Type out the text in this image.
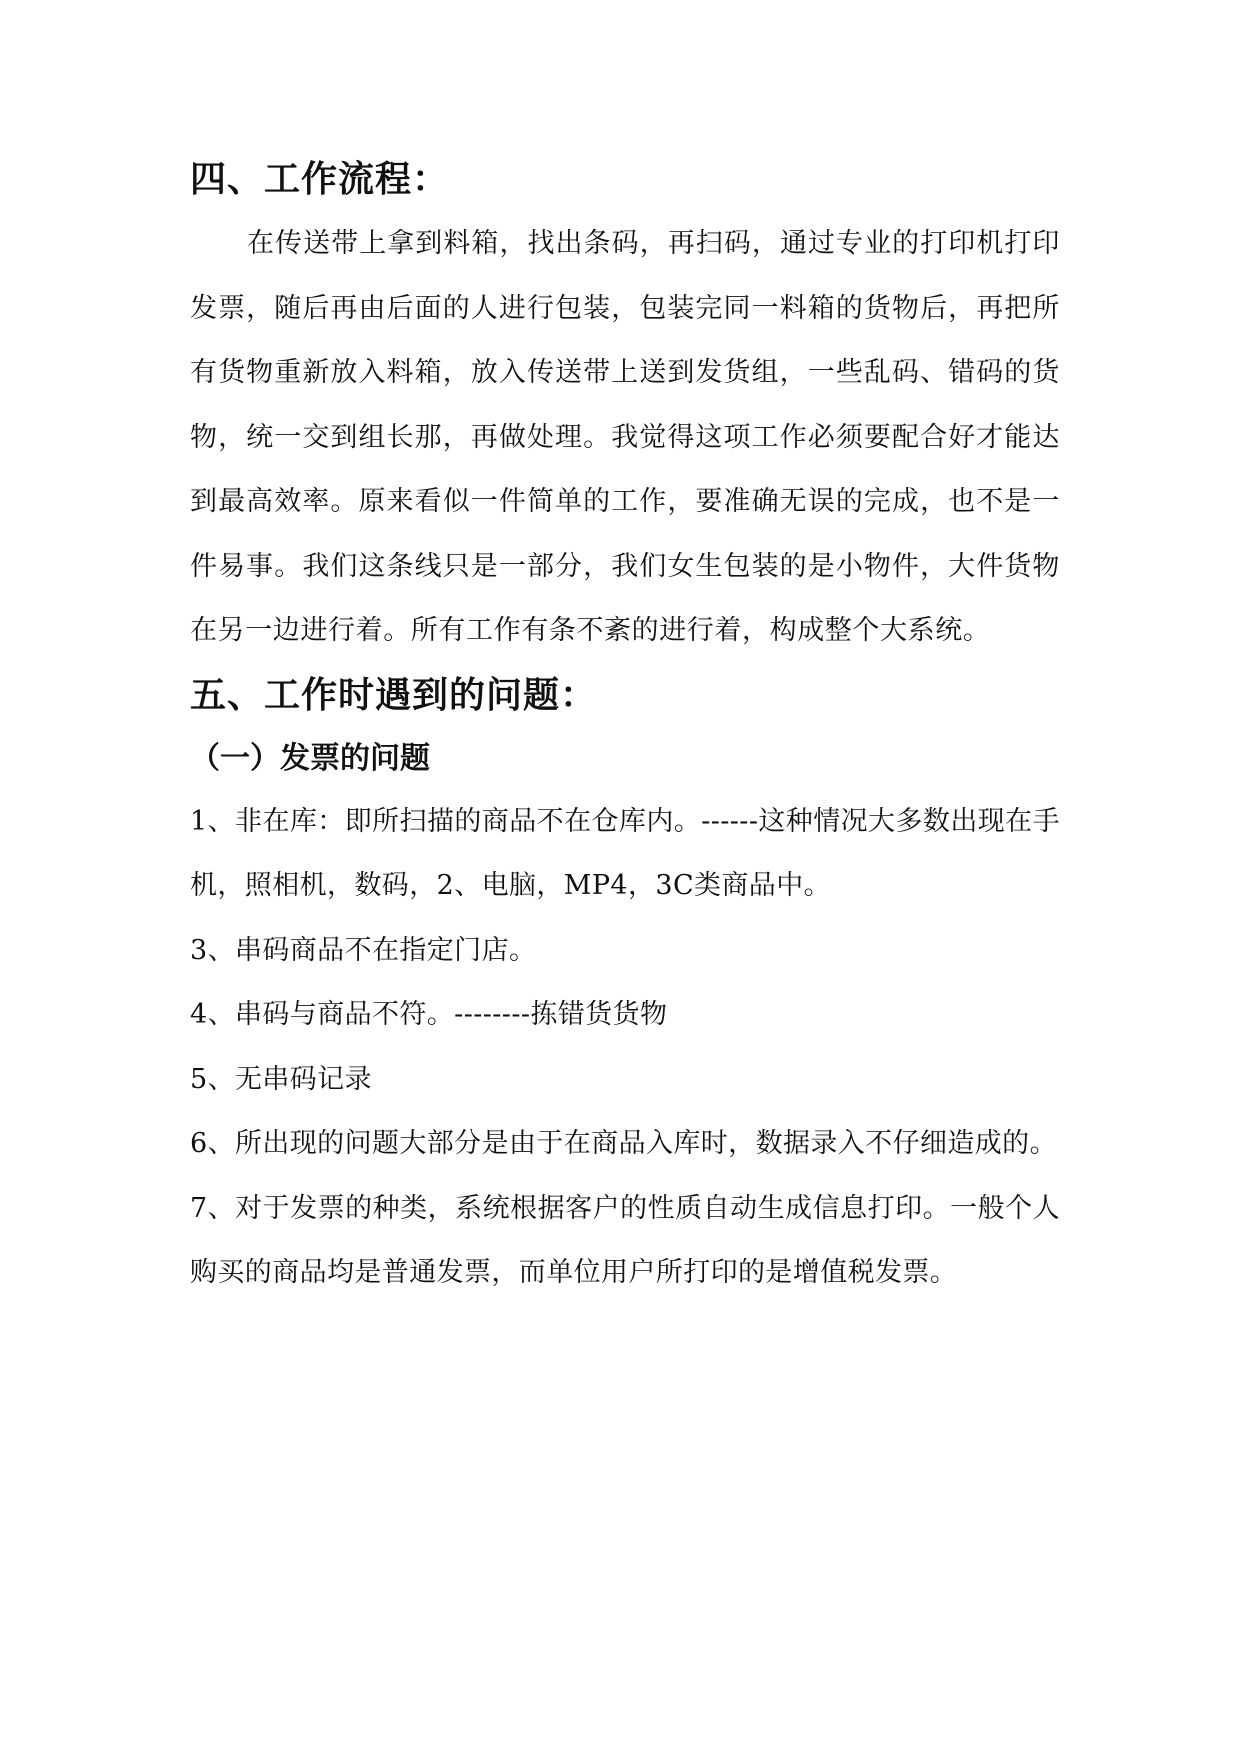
四、工作流程：

在传送带上拿到料箱，找出条码，再扫码，通过专业的打印机打印发票，随后再由后面的人进行包装，包装完同一料箱的货物后，再把所有货物重新放入料箱，放入传送带上送到发货组，一些乱码、错码的货物，统一交到组长那，再做处理。我觉得这项工作必须要配合好才能达到最高效率。原来看似一件简单的工作，要准确无误的完成，也不是一件易事。我们这条线只是一部分，我们女生包装的是小物件，大件货物在另一边进行着。所有工作有条不紊的进行着，构成整个大系统。

五、工作时遇到的问题：
（一）发票的问题

1、非在库：即所扫描的商品不在仓库内。------这种情况大多数出现在手机，照相机，数码，2、电脑，MP4，3C类商品中。

3、串码商品不在指定门店。

4、串码与商品不符。--------拣错货货物

5、无串码记录

6、所出现的问题大部分是由于在商品入库时，数据录入不仔细造成的。

7、对于发票的种类，系统根据客户的性质自动生成信息打印。一般个人购买的商品均是普通发票，而单位用户所打印的是增值税发票。
